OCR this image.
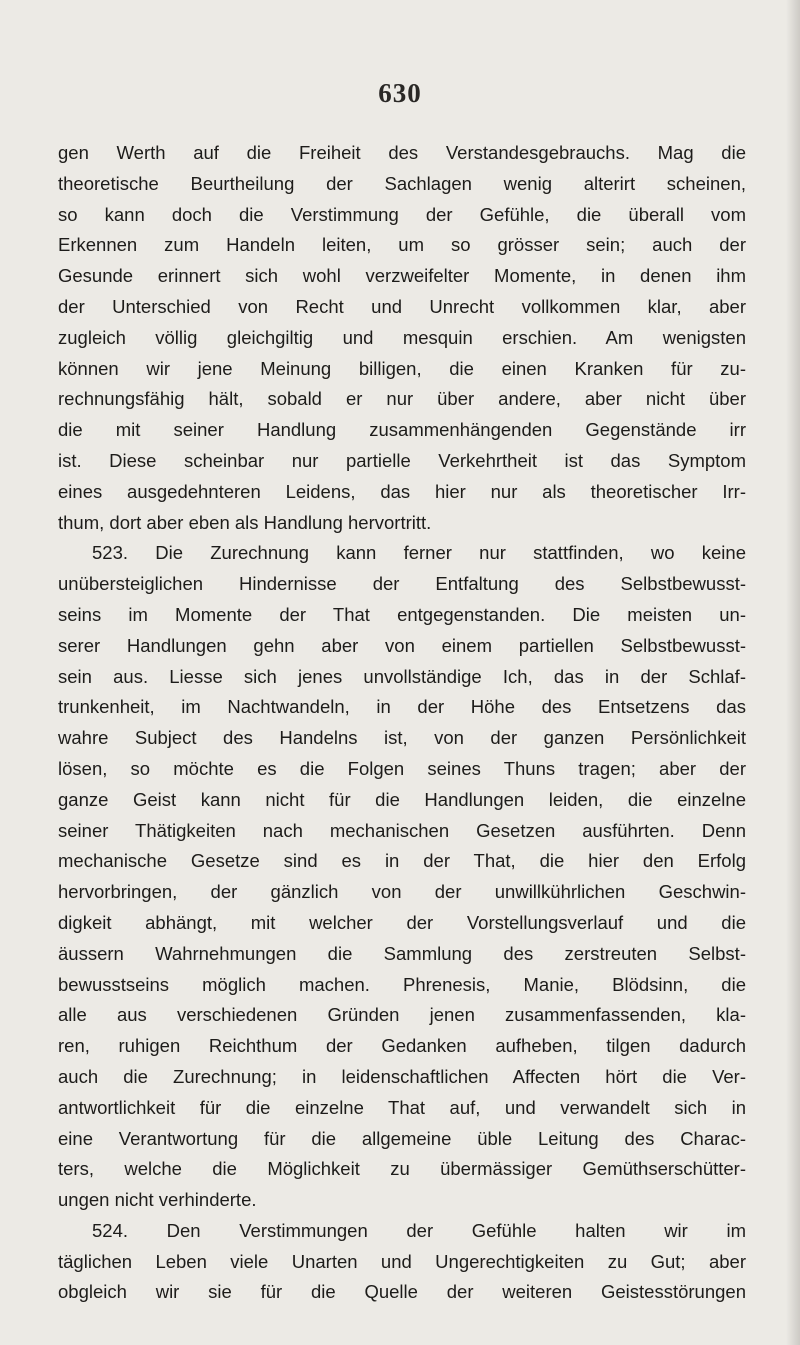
630
gen Werth auf die Freiheit des Verstandesgebrauchs. Mag die
theoretische Beurtheilung der Sachlagen wenig alterirt scheinen,
so kann doch die Verstimmung der Gefühle, die überall vom
Erkennen zum Handeln leiten, um so grösser sein; auch der
Gesunde erinnert sich wohl verzweifelter Momente, in denen ihm
der Unterschied von Recht und Unrecht vollkommen klar, aber
zugleich völlig gleichgiltig und mesquin erschien. Am wenigsten
können wir jene Meinung billigen, die einen Kranken für zu-
rechnungsfähig hält, sobald er nur über andere, aber nicht über
die mit seiner Handlung zusammenhängenden Gegenstände irr
ist. Diese scheinbar nur partielle Verkehrtheit ist das Symptom
eines ausgedehnteren Leidens, das hier nur als theoretischer Irr-
thum, dort aber eben als Handlung hervortritt.
523. Die Zurechnung kann ferner nur stattfinden, wo keine
unübersteiglichen Hindernisse der Entfaltung des Selbstbewusst-
seins im Momente der That entgegenstanden. Die meisten un-
serer Handlungen gehn aber von einem partiellen Selbstbewusst-
sein aus. Liesse sich jenes unvollständige Ich, das in der Schlaf-
trunkenheit, im Nachtwandeln, in der Höhe des Entsetzens das
wahre Subject des Handelns ist, von der ganzen Persönlichkeit
lösen, so möchte es die Folgen seines Thuns tragen; aber der
ganze Geist kann nicht für die Handlungen leiden, die einzelne
seiner Thätigkeiten nach mechanischen Gesetzen ausführten. Denn
mechanische Gesetze sind es in der That, die hier den Erfolg
hervorbringen, der gänzlich von der unwillkührlichen Geschwin-
digkeit abhängt, mit welcher der Vorstellungsverlauf und die
äussern Wahrnehmungen die Sammlung des zerstreuten Selbst-
bewusstseins möglich machen. Phrenesis, Manie, Blödsinn, die
alle aus verschiedenen Gründen jenen zusammenfassenden, kla-
ren, ruhigen Reichthum der Gedanken aufheben, tilgen dadurch
auch die Zurechnung; in leidenschaftlichen Affecten hört die Ver-
antwortlichkeit für die einzelne That auf, und verwandelt sich in
eine Verantwortung für die allgemeine üble Leitung des Charac-
ters, welche die Möglichkeit zu übermässiger Gemüthserschütter-
ungen nicht verhinderte.
524. Den Verstimmungen der Gefühle halten wir im
täglichen Leben viele Unarten und Ungerechtigkeiten zu Gut; aber
obgleich wir sie für die Quelle der weiteren Geistesstörungen
